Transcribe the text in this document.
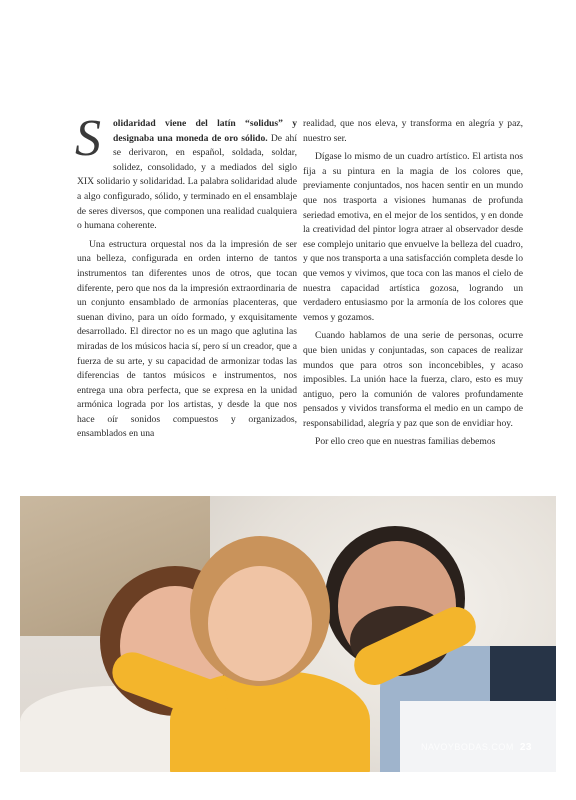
S	olidaridad viene del latín “solidus” y designaba una moneda de oro sólido. De ahí se derivaron, en español, soldada, soldar, solidez, consolidado, y a mediados del siglo XIX solidario y solidaridad. La palabra solidaridad alude a algo configurado, sólido, y terminado en el ensamblaje de seres diversos, que componen una realidad cualquiera o humana coherente.

Una estructura orquestal nos da la impresión de ser una belleza, configurada en orden interno de tantos instrumentos tan diferentes unos de otros, que tocan diferente, pero que nos da la impresión extraordinaria de un conjunto ensamblado de armonías placenteras, que suenan divino, para un oído formado, y exquisitamente desarrollado. El director no es un mago que aglutina las miradas de los músicos hacia sí, pero sí un creador, que a fuerza de su arte, y su capacidad de armonizar todas las diferencias de tantos músicos e instrumentos, nos entrega una obra perfecta, que se expresa en la unidad armónica lograda por los artistas, y desde la que nos hace oír sonidos compuestos y organizados, ensamblados en una

realidad, que nos eleva, y transforma en alegría y paz, nuestro ser.

Dígase lo mismo de un cuadro artístico. El artista nos fija a su pintura en la magia de los colores que, previamente conjuntados, nos hacen sentir en un mundo que nos trasporta a visiones humanas de profunda seriedad emotiva, en el mejor de los sentidos, y en donde la creatividad del pintor logra atraer al observador desde ese complejo unitario que envuelve la belleza del cuadro, y que nos transporta a una satisfacción completa desde lo que vemos y vivimos, que toca con las manos el cielo de nuestra capacidad artística gozosa, logrando un verdadero entusiasmo por la armonía de los colores que vemos y gozamos.

Cuando hablamos de una serie de personas, ocurre que bien unidas y conjuntadas, son capaces de realizar mundos que para otros son inconcebibles, y acaso imposibles. La unión hace la fuerza, claro, esto es muy antiguo, pero la comunión de valores profundamente pensados y vividos transforma el medio en un campo de responsabilidad, alegría y paz que son de envidiar hoy.

Por ello creo que en nuestras familias debemos

NAVOYBODAS.COM 23
